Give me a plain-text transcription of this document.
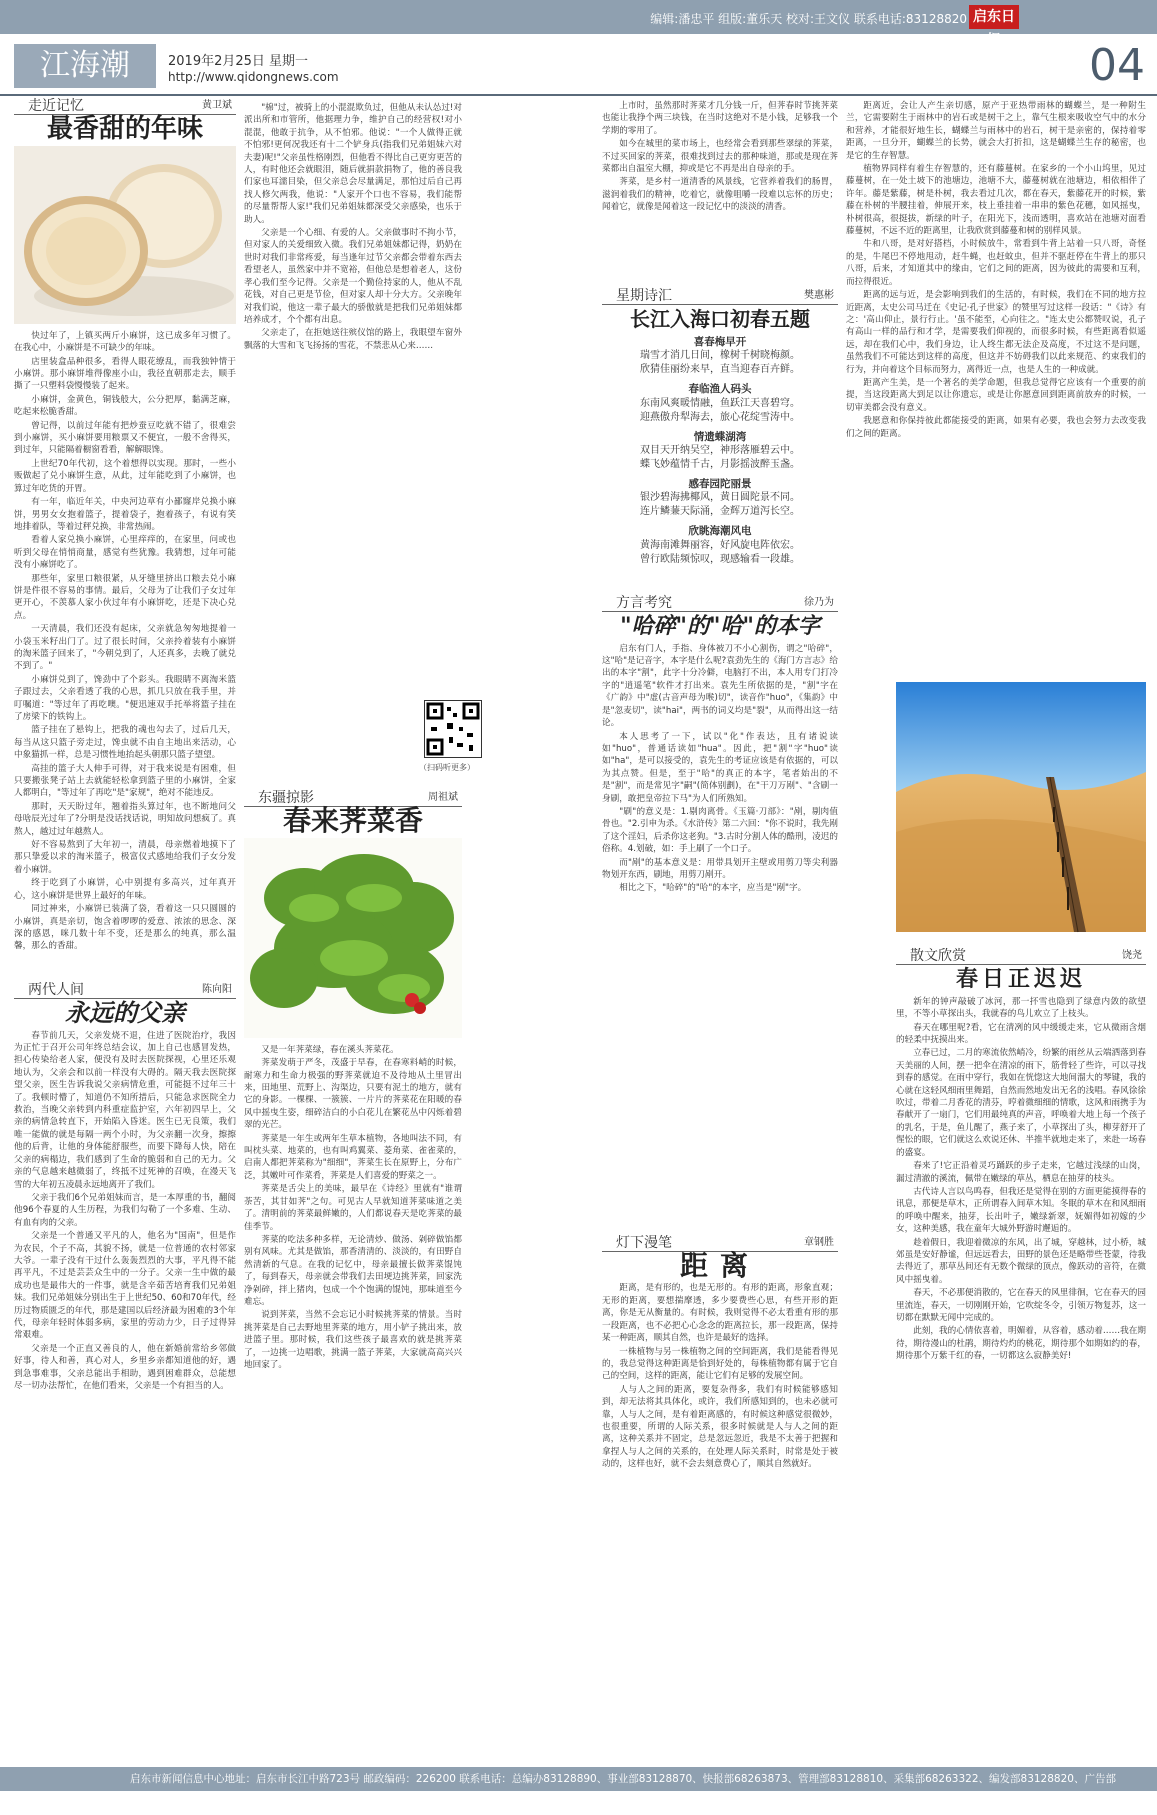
编辑:潘忠平 组版:董乐天 校对:王文仪 联系电话:83128820 启东日报
江海潮	2019年2月25日 星期一
http://www.qidongnews.com	04
走近记忆	黄卫斌
最香甜的年味

快过年了，上镇买两斤小麻饼，这已成多年习惯了。在我心中，小麻饼是不可缺少的年味。

店里装盒品种很多，看得人眼花缭乱，而我独钟情于小麻饼。那小麻饼堆得像座小山，我径直朝那走去，顺手撕了一只塑料袋慢慢装了起来。

小麻饼，金黄色，铜钱般大，公分把厚，黏满芝麻，吃起来松脆香甜。

曾记得，以前过年能有把炒蚕豆吃就不错了，很难尝到小麻饼，买小麻饼要用粮票又不便宜，一般不舍得买，到过年，只能隔着橱窗看看，解解眼馋。

上世纪70年代初，这个着想得以实现。那时，一些小贩做起了兑小麻饼生意，从此，过年能吃到了小麻饼，也算过年吃货的开胃。

有一年，临近年关，中央河边草有小鄙窿岸兑换小麻饼，男男女女抱着篮子，提着袋子，抱着孩子，有说有笑地排着队，等着过秤兑换，非常热闹。

看着人家兑换小麻饼，心里痒痒的，在家里，问或也听到父母在悄悄商量，感觉有些犹豫。我猜想，过年可能没有小麻饼吃了。

那些年，家里口粮很紧，从牙缝里挤出口粮去兑小麻饼是件很不容易的事情。最后，父母为了让我们子女过年更开心，不羡慕人家小伙过年有小麻饼吃，还是下决心兑点。

一天清晨，我们还没有起床，父亲就急匆匆地提着一小袋玉米籽出门了。过了很长时间，父亲拎着装有小麻饼的淘米篮子回来了，"今朝兑到了，人还真多，去晚了就兑不到了。"

小麻饼兑到了，馋劲中了个彩头。我眼睛不离淘米篮子跟过去，父亲看透了我的心思，抓几只放在我手里，并叮嘱道："等过年了再吃噢。"便迅速双手托举将篮子挂在了房梁下的铁钩上。

篮子挂在了悬钩上，把我的魂也勾去了，过后几天，每当从这只篮子旁走过，馋虫就不由自主地出来活动，心中象猫抓一样，总是习惯性地抬起头朝那只篮子望望。

高挂的篮子大人伸手可得，对于我来说是有困难，但只要搬张凳子站上去就能轻松拿到篮子里的小麻饼，全家人都明白，"等过年了再吃"是"家规"，绝对不能违反。

那时，天天盼过年，翘着指头算过年，也不断地问父母啥辰光过年了?分明是没话找话说，明知故问想疯了。真熬人，越过过年越熬人。

好不容易熬到了大年初一，清晨，母亲燃着地摸下了那只挚爱以求的淘米篮子，极富仪式感地给我们子女分发着小麻饼。

终于吃到了小麻饼，心中别提有多高兴，过年真开心，这小麻饼是世界上最好的年味。

同过神来，小麻饼已装满了袋，看着这一只只圆圆的小麻饼，真是亲切，饱含着啰啰的爱意、浓浓的思念、深深的感恩，咪几数十年不变，还是那么的纯真，那么温馨，那么的香甜。

两代人间	陈向阳
永远的父亲

春节前几天，父亲发烧不退，住进了医院治疗，我因为正忙于召开公司年终总结会议，加上自己也感冒发热，担心传染给老人家，便没有及时去医院探视，心里还乐观地认为，父亲会和以前一样没有大碍的。隔天我去医院探望父亲，医生告诉我说父亲病情危重，可能挺不过年三十了。我顿时懵了，知道仍不知所措后，只能急求医院全力救治，当晚父亲转到内科重症监护室，六年初四早上，父亲的病情急转直下，开始陷入昏迷。医生已无良策，我们唯一能做的就是每隔一两个小时，为父亲翻一次身，擦擦他的后背，让他的身体能舒服些，而要下降每人快，陪在父亲的病榻边，我们感到了生命的脆弱和自己的无力。父亲的气息越来越微弱了，终抵不过死神的召唤，在漫天飞雪的大年初五凌晨永远地离开了我们。

父亲于我们6个兄弟姐妹而言，是一本厚重的书，翻阅他96个春夏的人生历程，为我们勾勒了一个多难、生动、有血有肉的父亲。

父亲是一个普通又平凡的人，他名为"国南"，但是作为农民，个子不高，其貌不扬，就是一位普通的农村邻家大爷。一辈子没有干过什么轰轰烈烈的大事，平凡得不能再平凡，不过是芸芸众生中的一分子。父亲一生中做的最成功也是最伟大的一件事，就是含辛茹苦培育我们兄弟姐妹。我们兄弟姐妹分别出生于上世纪50、60和70年代，经历过物质匮乏的年代，那是建国以后经济最为困难的3个年代，母亲年轻时体弱多病，家里的劳动力少，日子过得异常艰难。

父亲是一个正直又善良的人，他在新婚前常给乡邻做好事，待人和善，真心对人，乡里乡亲都知道他的好，遇到急事难事，父亲总能出手相助，遇到困难群众，总能想尽一切办法帮忙，在他们看来，父亲是一个有担当的人。

"棉"过，被骑上的小混混欺负过，但他从未认怂过!对派出所和市管所，他据理力争，维护自己的经营权!对小混混，他敢于抗争，从不怕邪。他说："一个人做得正就不怕邪!更何况我还有十二个铲身兵(指我们兄弟姐妹六对夫妻)呢!"父亲虽性格刚烈，但他看不得比自己更穷更苦的人，有时他还会就眼泪，随后就捐款捐物了，他的善良我们家也耳濡目染，但父亲总会尽量满足，那怕过后自己再找人修欠两我，他说："人家开个口也不容易，我们能帮的尽量帮帮人家!"我们兄弟姐妹都深受父亲感染，也乐于助人。

父亲是一个心细、有爱的人。父亲做事时不拘小节，但对家人的关爱细致入微。我们兄弟姐妹都记得，奶奶在世时对我们非常疼爱，每当逢年过节父亲都会带着东西去看望老人，虽然家中并不宽裕，但他总是想着老人，这份孝心我们至今记得。父亲是一个勤俭持家的人，他从不乱花钱，对自己更是节俭，但对家人却十分大方。父亲晚年对我们说，他这一辈子最大的骄傲就是把我们兄弟姐妹都培养成才，个个都有出息。

父亲走了，在拒她送往殡仪馆的路上，我眼望车窗外飘落的大雪和飞飞扬扬的雪花，不禁悲从心来……

（扫码听更多）
东疆掠影	周祖斌
春来荠菜香

又是一年荠菜绿，春在溪头荠菜花。

荠菜发萌于严冬，茂盛于早春，在春寒料峭的时候，耐寒力和生命力极强的野荠菜就迫不及待地从土里冒出来，田地里、荒野上、沟渠边，只要有泥土的地方，就有它的身影。一棵棵、一簇簇、一片片的荠菜花在阳暖的春风中摇曳生姿，细碎洁白的小白花儿在繁花丛中闪烁着碧翠的光芒。

荠菜是一年生或两年生草本植物，各地叫法不同，有叫枕头菜、地菜的，也有叫鸡翼菜、菱角菜、雀雀菜的，启南人都把荠菜称为"细细"，荠菜生长在原野上，分布广泛，其嫩叶可作菜肴，荠菜是人们喜爱的野菜之一。

荠菜是舌尖上的美味，最早在《诗经》里就有"谁谓荼苦，其甘如荠"之句。可见古人早就知道荠菜味道之美了。清明前的荠菜最鲜嫩的，人们都说春天是吃荠菜的最佳季节。

荠菜的吃法多种多样，无论清炒、做汤、剁碎做馅都别有风味。尤其是做馅，那香清清的、淡淡的，有田野自然清新的气息。在我的记忆中，母亲最擅长做荠菜馄饨了，每到春天，母亲就会带我们去田埂边挑荠菜，回家洗净剁碎，拌上猪肉，包成一个个饱满的馄饨，那味道至今难忘。

说到荠菜，当然不会忘记小时候挑荠菜的情景。当时挑荠菜是自己去野地里荠菜的地方，用小铲子挑出来，放进篮子里。那时候，我们这些孩子最喜欢的就是挑荠菜了，一边挑一边唱歌，挑满一篮子荠菜，大家就高高兴兴地回家了。

上市时，虽然那时荠菜才几分钱一斤，但荠春时节挑荠菜也能让我挣个两三块钱，在当时这绝对不是小钱，足够我一个学期的零用了。

如今在城里的菜市场上，也经常会看到那些翠绿的荠菜，不过买回家的荠菜，很难找到过去的那种味道，那或是现在荠菜都出自温室大棚，抑或是它不再是出自母亲的手。

荠菜，是乡村一道清香的风景线，它营养着我们的肠胃，滋润着我们的精神，吃着它，就像咀嚼一段难以忘怀的历史；闻着它，就像是闻着这一段记忆中的淡淡的清香。

星期诗汇	樊惠彬
长江入海口初春五题
喜春梅早开
瑞雪才消几日间，橡树千树晓梅颜。
欣猜佳丽纷来早，直当迎春百卉鲜。
春临渔人码头
东南风爽暖情融，鱼跃江天喜碧穹。
迎燕傲舟犁海去，旅心花绽雪涛中。
情遗蝶湖湾
双目天开纳吴空，神形落雁碧云中。
蝶飞妙蕴情千古，月影摇波醉玉盏。
感春园陀丽景
银沙碧海拂椰风，黄日圆陀景不同。
连片鳞蒹天际涌，金辉万道泻长空。
欣眺海潮风电
黄海南滩舞丽容，好风旋电阵依宏。
曾行欧陆频惊叹，现感输看一段雄。
方言考究	徐乃为
"哈碎"的"哈"的本字

启东有门人，手指、身体被刀不小心割伤，谓之"哈碎"，这"哈"是记音字，本字是什么呢?袁劲先生的《海门方言志》给出的本字"割"，此字十分冷僻，电脑打不出，本人用专门打冷字的"逍遥笔"软件才打出来。袁先生所依据的是，"割"字在《广韵》中"虚(古音声母为喉)切"，读音作"huo"，《集韵》中是"忽麦切"，读"hai"，两书的词义均是"裂"，从而得出这一结论。

本人思考了一下，试以"化"作表达，且有诸说读如"huo"，普通话读如"hua"。因此，把"割"字"huo"读如"ha"，是可以接受的，袁先生的考证应该是有依据的，可以为其点赞。但是，至于"哈"的真正的本字，笔者始出的不是"割"，而是常见字"嗣"(简体别劃)，在"干刀万剐"、"含刷一身刷，敢把皇帝拉下马"为人们所熟知。

"刷"的意义是：1.剔肉离骨。《玉篇·刀部》："剐，剔肉值骨也。"2.引申为杀。《水浒传》第二六回："你不说时，我先剐了这个淫妇，后杀你这老狗。"3.古时分割人体的酷刑，凌迟的俗称。4.划破，如：手上刷了一个口子。

而"剐"的基本意义是：用带具划开主壁或用剪刀等尖利器物划开东西，刷地，用剪刀剐开。

相比之下，"哈碎"的"哈"的本字，应当是"剐"字。

灯下漫笔	章钢胜
距离

距离，是有形的，也是无形的。有形的距离，形象直观；无形的距离，要想揣摩透，多少要费些心思，有些开形的距离，你是无从衡量的。有时候，我则觉得不必太看重有形的那一段距离，也不必把心心念念的距离拉长，那一段距离，保持某一种距离，顺其自然，也许是最好的选择。

一株植物与另一株植物之间的空间距离，我们是能看得见的，我总觉得这种距离是恰到好处的，每株植物都有属于它自己的空间，这样的距离，能让它们有足够的发展空间。

人与人之间的距离，要复杂得多，我们有时候能够感知到，却无法将其具体化，或许，我们所感知到的，也未必就可靠，人与人之间，是有着距离感的，有时候这种感觉很微妙，也很重要，所谓的人际关系，很多时候就是人与人之间的距离，这种关系并不固定，总是忽远忽近，我是不太善于把握和拿捏人与人之间的关系的，在处理人际关系时，时常是处于被动的，这样也好，就不会去刻意费心了，顺其自然就好。

距离近，会让人产生亲切感，原产于亚热带雨林的蝴蝶兰，是一种附生兰，它需要附生于雨林中的岩石或是树干之上，靠气生根来吸收空气中的水分和营养，才能很好地生长，蝴蝶兰与雨林中的岩石，树干是亲密的，保持着零距离，一旦分开，蝴蝶兰的长势，就会大打折扣，这是蝴蝶兰生存的秘密，也是它的生存智慧。

植物界同样有着生存智慧的，还有藤蔓树。在家乡的一个小山坞里，见过藤蔓树，在一处土坡下的池塘边，池塘不大，藤蔓树就在池塘边，相依相伴了许年。藤是紫藤，树是朴树，我去看过几次，都在春天，紫藤花开的时候，紫藤在朴树的半腰挂着，伸展开来，枝上垂挂着一串串的紫色花穗，如风摇曳，朴树很高，很挺拔，新绿的叶子，在阳光下，浅而透明，喜欢站在池塘对面看藤蔓树，不远不近的距离里，让我欣赏到藤蔓和树的别样风景。

牛和八哥，是对好搭档，小时候放牛，常看到牛背上站着一只八哥，奇怪的是，牛尾巴不停地甩动，赶牛蝇，也赶蚊虫，但并不驱赶停在牛背上的那只八哥，后来，才知道其中的缘由，它们之间的距离，因为彼此的需要和互利，而拉得很近。

距离的远与近，是会影响到我们的生活的，有时候，我们在不同的地方拉近距离，太史公司马迁在《史记·孔子世家》的赞里写过这样一段话："《诗》有之：'高山仰止，景行行止。'虽不能至，心向往之。"连太史公都赞叹说，孔子有高山一样的品行和才学，是需要我们仰视的，而很多时候，有些距离看似遥远，却在我们心中，我们身边，让人终生都无法企及高度，不过这不是问题，虽然我们不可能达到这样的高度，但这并不妨碍我们以此来规范、约束我们的行为，并向着这个目标而努力，离得近一点，也是人生的一种成就。

距离产生美，是一个著名的美学命题，但我总觉得它应该有一个重要的前提，当这段距离大到足以让你遗忘，或是让你愿意回到距离前放弃的时候，一切审美都会没有意义。

我愿意和你保持彼此都能接受的距离，如果有必要，我也会努力去改变我们之间的距离。

散文欣赏	饶尧
春日正迟迟

新年的钟声敲破了冰河，那一抔雪也隐到了绿意内敛的欲望里，不等小草探出头，我就春的鸟儿欢立了上枝头。

春天在哪里呢?看，它在清冽的风中缓缓走来，它从微雨含烟的轻柔中抚摸出来。

立春已过，二月的寒流依然峭冷，纷繁的雨丝从云端洒落到春天美丽的人间，摆一把伞在清凉的雨下，筋骨轻了些许，可以寻找到春的感觉。在雨中穿行，我如在恍惚这大地间溜大的琴键，我的心就在这轻风细雨里舞蹈，自然而然地发出无名的浅唱。春风徐徐吹过，带着二月香花的清芬，哼着微细细的情歌，这风和雨携手为春献开了一扇门，它们用最纯真的声音，呼唤着大地上每一个孩子的乳名，于是，鱼儿醒了，燕子来了，小草探出了头，柳芽舒开了惺忪的眼，它们就这么欢说还休、半推半就地走来了，来赴一场春的盛宴。

春来了!它正沿着灵巧踊跃的步子走来，它越过浅绿的山岗，漏过清澈的溪流，佩带在嫩绿的草丛，栖息在抽芽的枝头。

古代诗人言以鸟鸣春，但我还是觉得在别的方面更能摸得春的讯息，那便是草木，正所谓春入间草木知。冬眠的草木在和风细雨的呼唤中醒来，抽芽，长出叶子，嫩绿新翠，妩媚得如初嫁的少女，这种美感，我在童年大城外野游时邂逅的。

趁着假日，我迎着微凉的东风，出了城，穿越林，过小桥，城郊虽是安好静谧，但远远看去，田野的景色还是略带些苍蒙，待我去得近了，那草丛间还有无数个微绿的顶点，像跃动的音符，在微风中摇曳着。

春天，不必那便消散的，它在春天的风里徘徊，它在春天的园里流连，春天，一切刚刚开始，它吹绽冬令，引领万物复苏，这一切都在默默无闻中完成的。

此刻，我的心情依喜着，明媚着，从容着，感动着……我在期待，期待漫山的杜鹃，期待灼灼的桃花，期待那个如期如约的春，期待那个万紫千红的春，一切都这么寂静美好!

启东市新闻信息中心地址：启东市长江中路723号 邮政编码：226200 联系电话：总编办83128890、事业部83128870、快报部68263873、管理部83128810、采集部68263322、编发部83128820、广告部83128807
